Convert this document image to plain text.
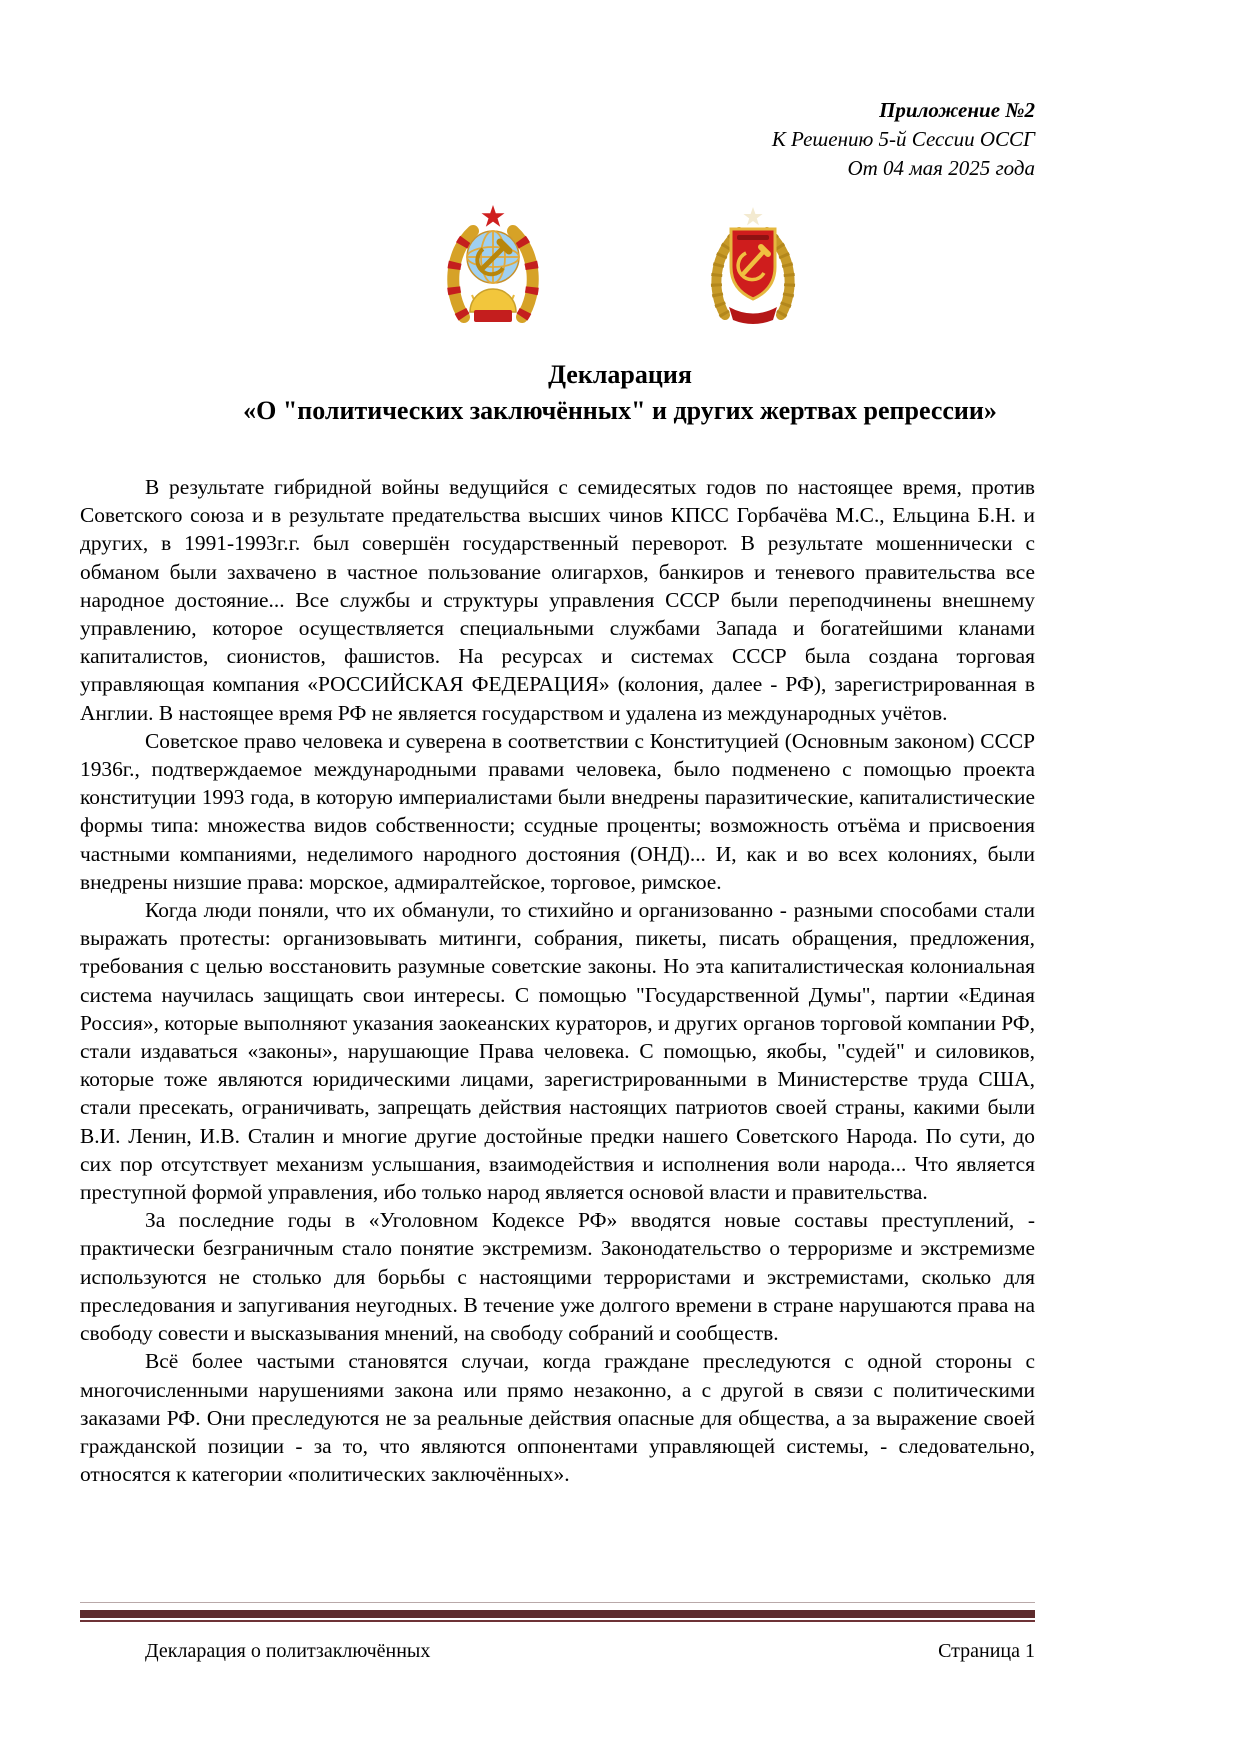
Приложение №2
К Решению 5-й Сессии ОССГ
От 04 мая 2025 года
Декларация
«О "политических заключённых" и других жертвах репрессии»

В результате гибридной войны ведущийся с семидесятых годов по настоящее время, против Советского союза и в результате предательства высших чинов КПСС Горбачёва М.С., Ельцина Б.Н. и других, в 1991-1993г.г. был совершён государственный переворот. В результате мошеннически с обманом были захвачено в частное пользование олигархов, банкиров и теневого правительства все народное достояние... Все службы и структуры управления СССР были переподчинены внешнему управлению, которое осуществляется специальными службами Запада и богатейшими кланами капиталистов, сионистов, фашистов. На ресурсах и системах СССР была создана торговая управляющая компания «РОССИЙСКАЯ ФЕДЕРАЦИЯ» (колония, далее - РФ), зарегистрированная в Англии. В настоящее время РФ не является государством и удалена из международных учётов.

Советское право человека и суверена в соответствии с Конституцией (Основным законом) СССР 1936г., подтверждаемое международными правами человека, было подменено с помощью проекта конституции 1993 года, в которую империалистами были внедрены паразитические, капиталистические формы типа: множества видов собственности; ссудные проценты; возможность отъёма и присвоения частными компаниями, неделимого народного достояния (ОНД)... И, как и во всех колониях, были внедрены низшие права: морское, адмиралтейское, торговое, римское.

Когда люди поняли, что их обманули, то стихийно и организованно - разными способами стали выражать протесты: организовывать митинги, собрания, пикеты, писать обращения, предложения, требования с целью восстановить разумные советские законы. Но эта капиталистическая колониальная система научилась защищать свои интересы. С помощью "Государственной Думы", партии «Единая Россия», которые выполняют указания заокеанских кураторов, и других органов торговой компании РФ, стали издаваться «законы», нарушающие Права человека. С помощью, якобы, "судей" и силовиков, которые тоже являются юридическими лицами, зарегистрированными в Министерстве труда США, стали пресекать, ограничивать, запрещать действия настоящих патриотов своей страны, какими были В.И. Ленин, И.В. Сталин и многие другие достойные предки нашего Советского Народа. По сути, до сих пор отсутствует механизм услышания, взаимодействия и исполнения воли народа... Что является преступной формой управления, ибо только народ является основой власти и правительства.

За последние годы в «Уголовном Кодексе РФ» вводятся новые составы преступлений, - практически безграничным стало понятие экстремизм. Законодательство о терроризме и экстремизме используются не столько для борьбы с настоящими террористами и экстремистами, сколько для преследования и запугивания неугодных. В течение уже долгого времени в стране нарушаются права на свободу совести и высказывания мнений, на свободу собраний и сообществ.

Всё более частыми становятся случаи, когда граждане преследуются с одной стороны с многочисленными нарушениями закона или прямо незаконно, а с другой в связи с политическими заказами РФ. Они преследуются не за реальные действия опасные для общества, а за выражение своей гражданской позиции - за то, что являются оппонентами управляющей системы, - следовательно, относятся к категории «политических заключённых».

Декларация о политзаключённых	Страница 1
